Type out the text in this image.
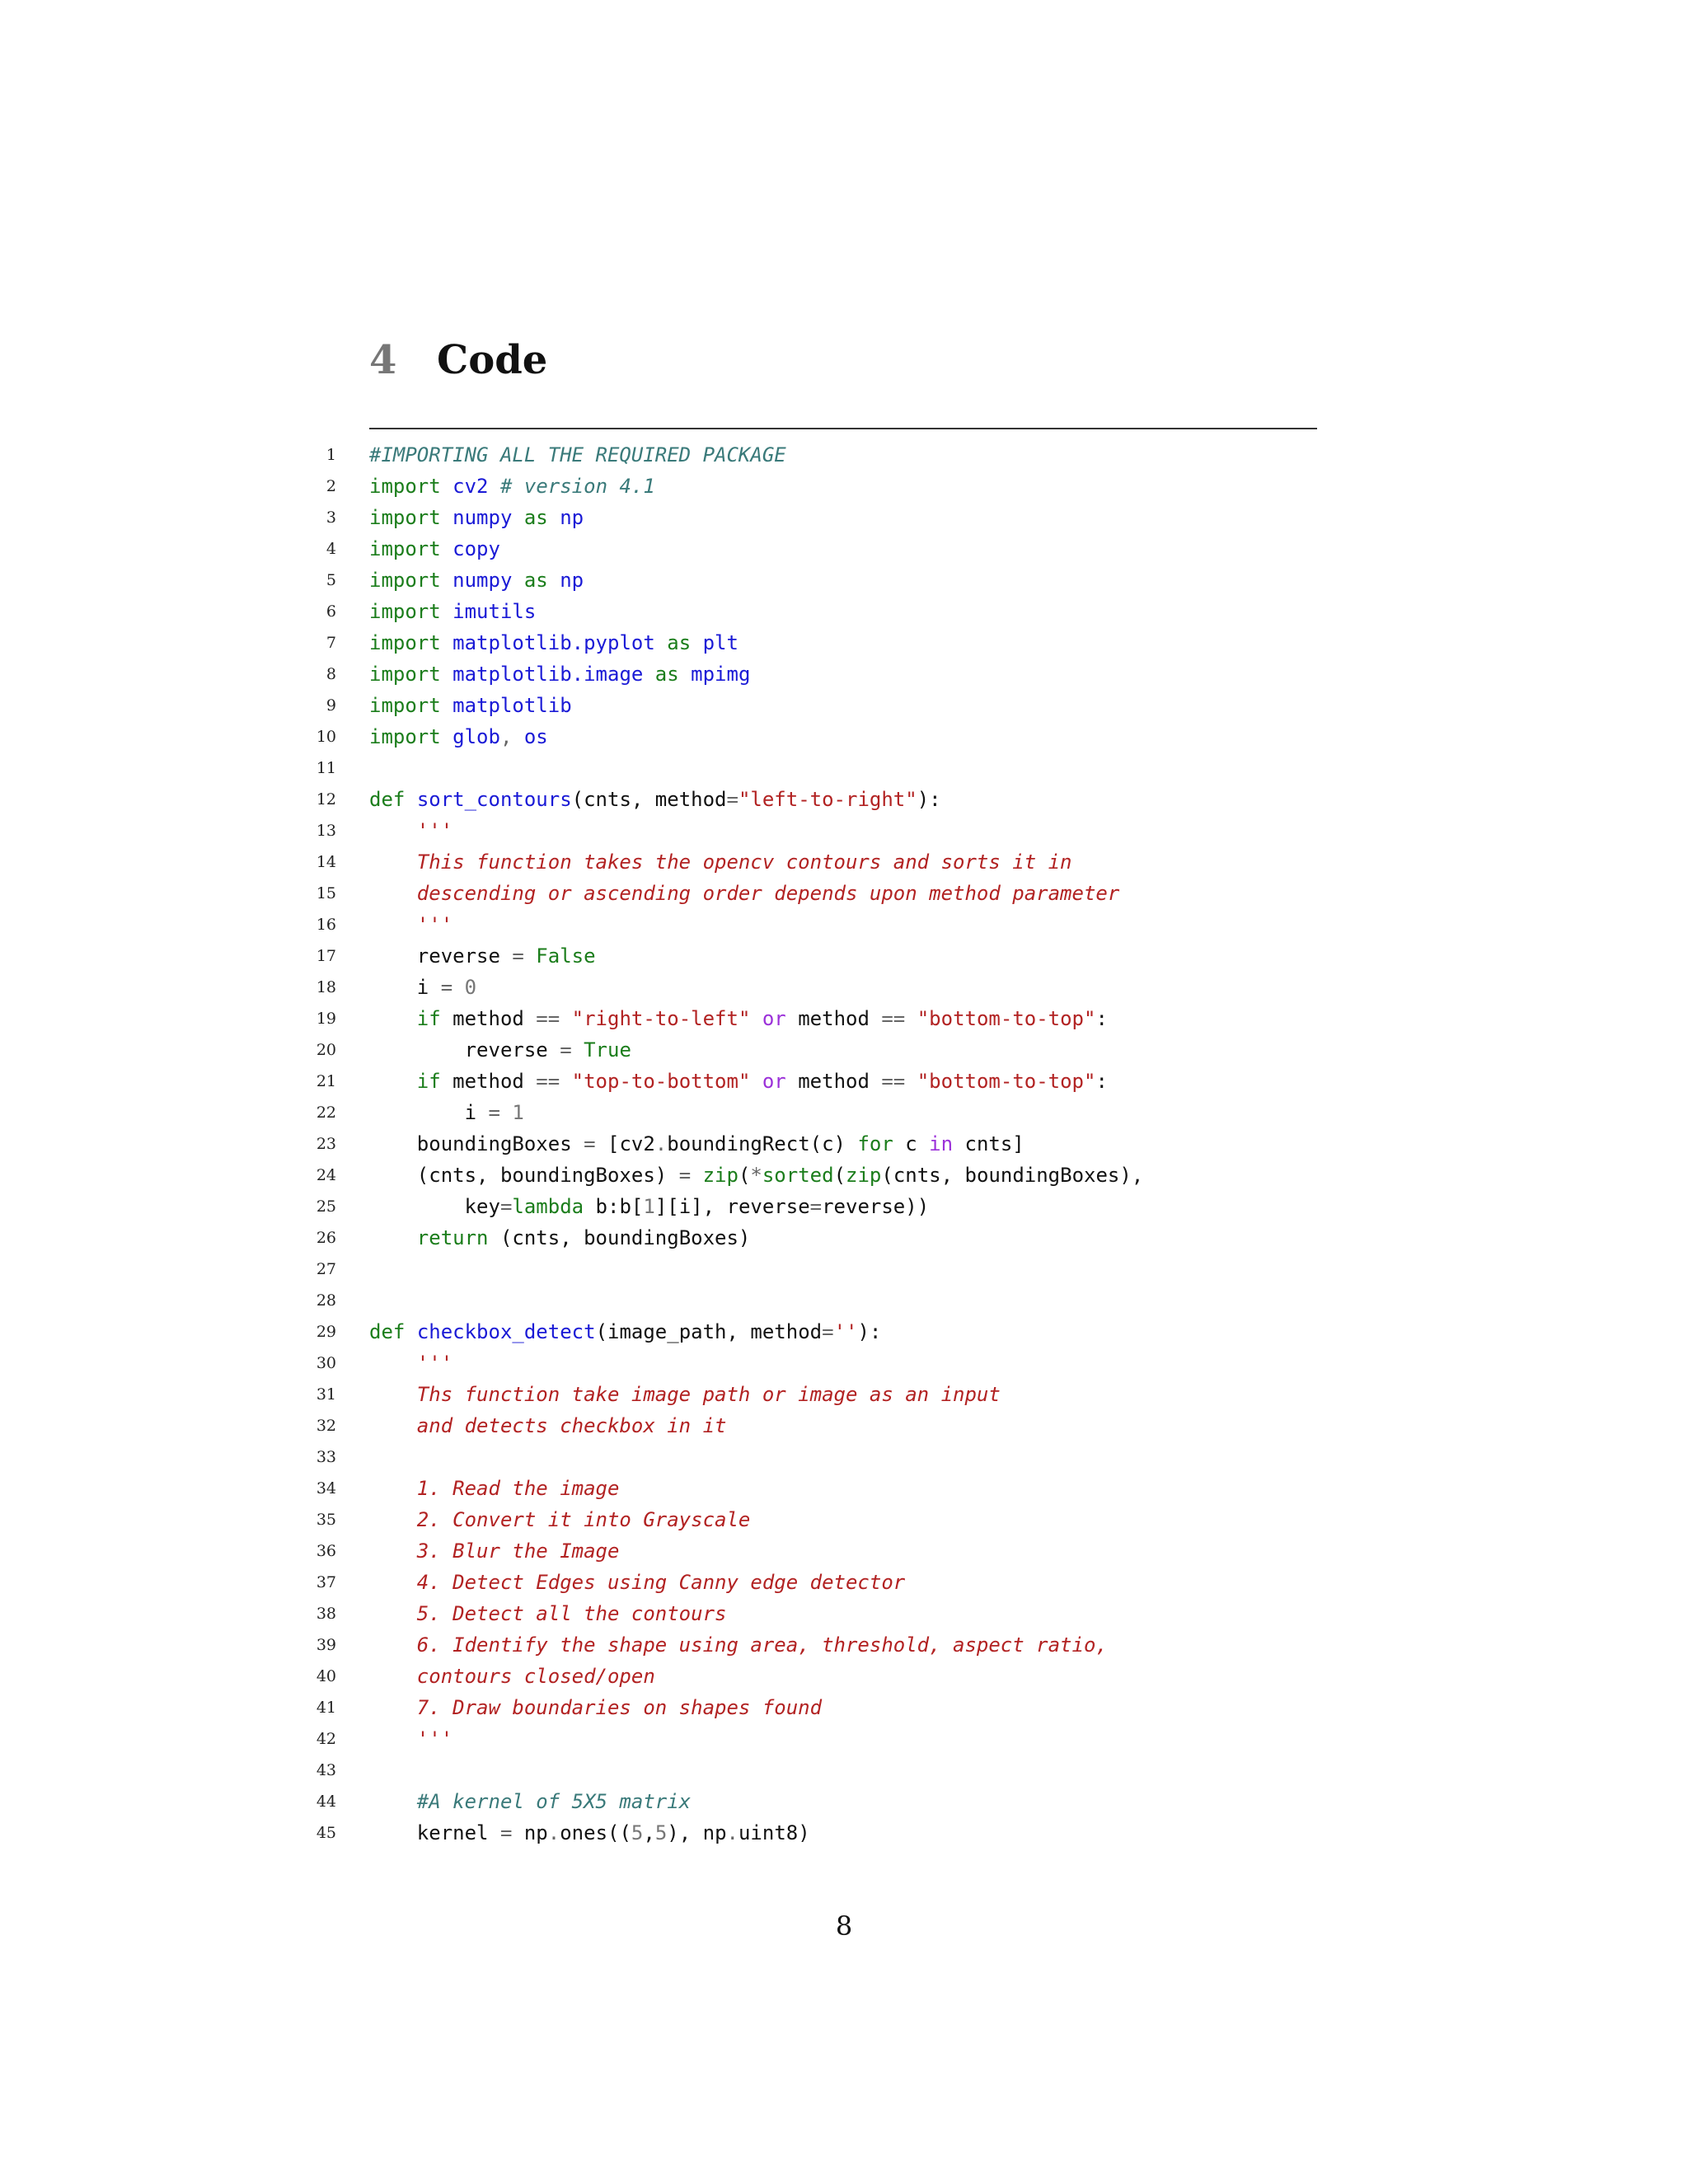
4	Code
1 #IMPORTING ALL THE REQUIRED PACKAGE
2 import cv2 # version 4.1
3 import numpy as np
4 import copy
5 import numpy as np
6 import imutils
7 import matplotlib.pyplot as plt
8 import matplotlib.image as mpimg
9 import matplotlib
10 import glob, os
11
12 def sort_contours(cnts, method="left-to-right"):
13	'''
14	This function takes the opencv contours and sorts it in
15	descending or ascending order depends upon method parameter
16	'''
17 reverse = False
18 i = 0
19	if method == "right-to-left" or method == "bottom-to-top":
20 reverse = True
21	if method == "top-to-bottom" or method == "bottom-to-top":
22 i = 1
23 boundingBoxes = [cv2.boundingRect(c) for c in cnts]
24 (cnts, boundingBoxes) = zip(*sorted(zip(cnts, boundingBoxes),
25 key=lambda b:b[1][i], reverse=reverse))
26	return (cnts, boundingBoxes)
27
28
29 def checkbox_detect(image_path, method=''):
30	'''
31	Ths function take image path or image as an input
32	and detects checkbox in it
33
34	1. Read the image
35	2. Convert it into Grayscale
36	3. Blur the Image
37	4. Detect Edges using Canny edge detector
38	5. Detect all the contours
39	6. Identify the shape using area, threshold, aspect ratio,
40	contours closed/open
41	7. Draw boundaries on shapes found
42	'''
43
44	#A kernel of 5X5 matrix
45 kernel = np.ones((5,5), np.uint8)
8
